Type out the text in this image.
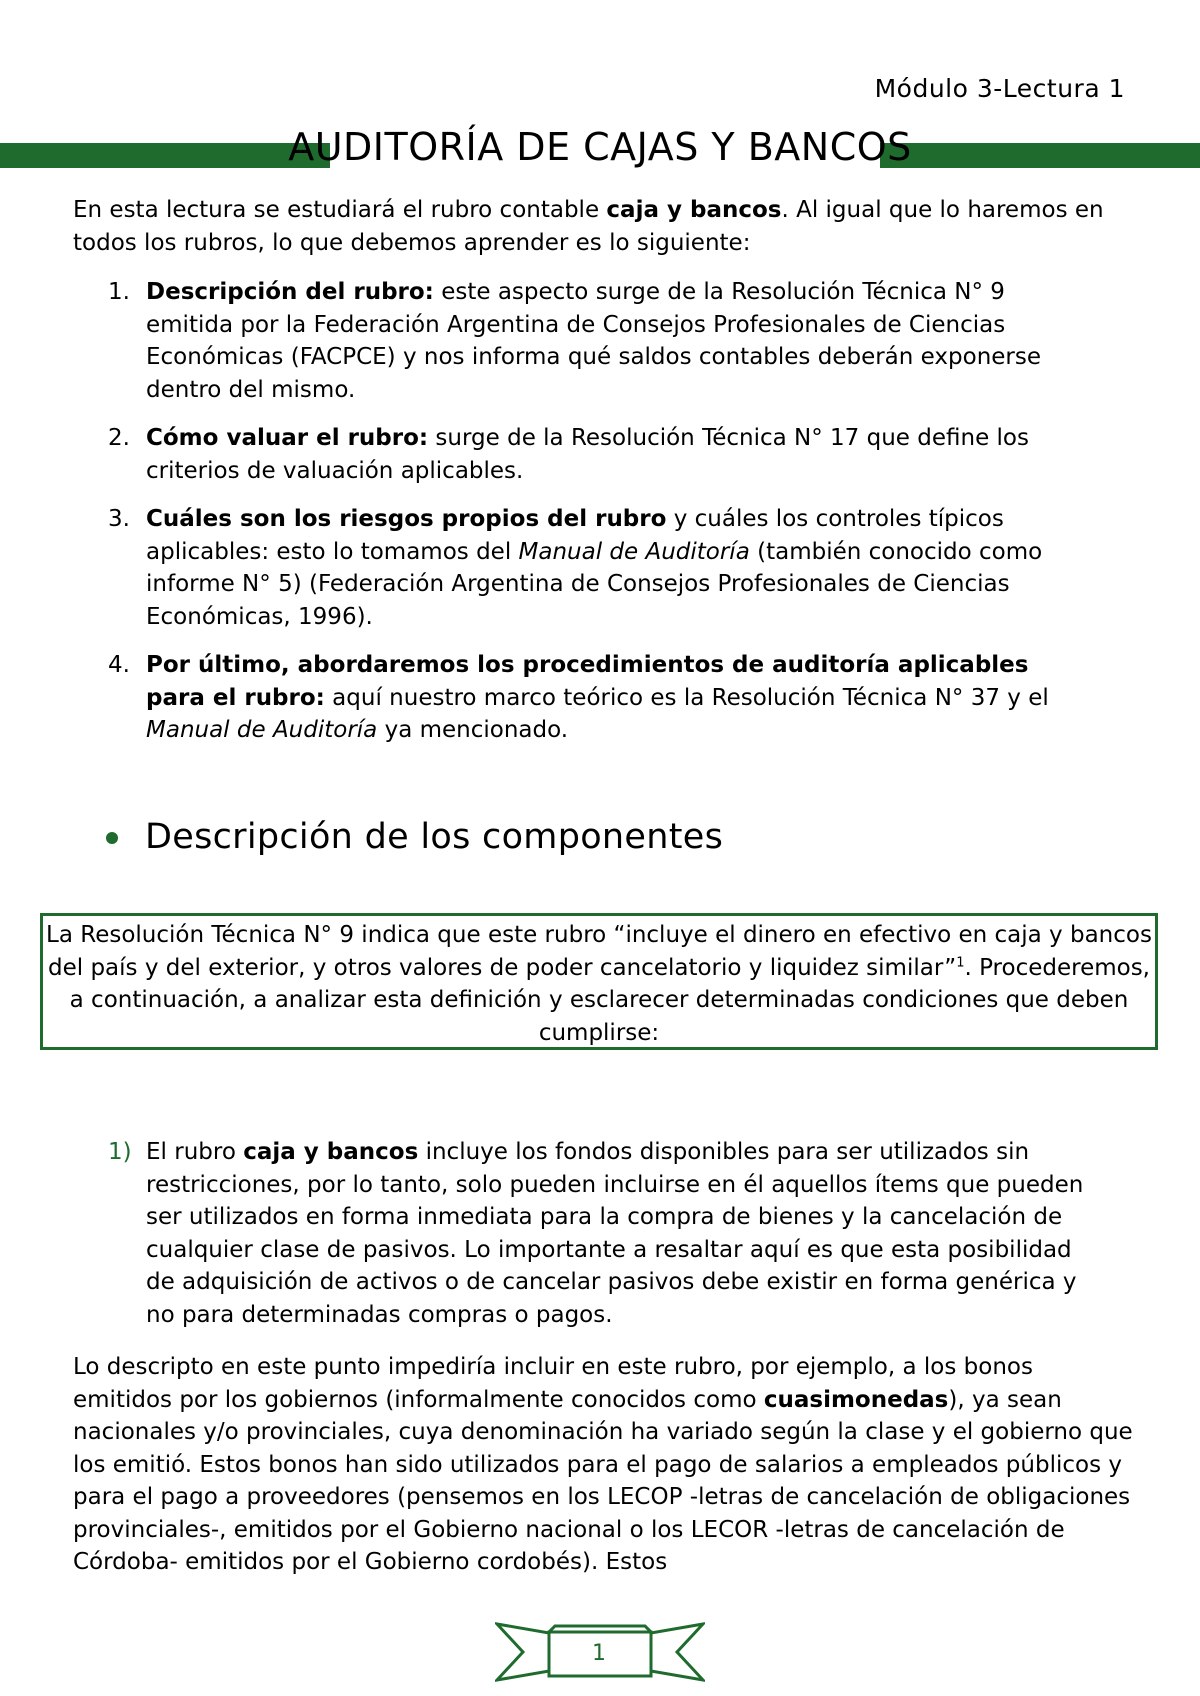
Módulo 3-Lectura 1
AUDITORÍA DE CAJAS Y BANCOS

En esta lectura se estudiará el rubro contable caja y bancos. Al igual que lo haremos en todos los rubros, lo que debemos aprender es lo siguiente:

1. Descripción del rubro: este aspecto surge de la Resolución Técnica N° 9 emitida por la Federación Argentina de Consejos Profesionales de Ciencias Económicas (FACPCE) y nos informa qué saldos contables deberán exponerse dentro del mismo.
2. Cómo valuar el rubro: surge de la Resolución Técnica N° 17 que define los criterios de valuación aplicables.
3. Cuáles son los riesgos propios del rubro y cuáles los controles típicos aplicables: esto lo tomamos del Manual de Auditoría (también conocido como informe N° 5) (Federación Argentina de Consejos Profesionales de Ciencias Económicas, 1996).
4. Por último, abordaremos los procedimientos de auditoría aplicables para el rubro: aquí nuestro marco teórico es la Resolución Técnica N° 37 y el Manual de Auditoría ya mencionado.
Descripción de los componentes
La Resolución Técnica N° 9 indica que este rubro “incluye el dinero en efectivo en caja y bancos del país y del exterior, y otros valores de poder cancelatorio y liquidez similar”$^1$. Procederemos, a continuación, a analizar esta definición y esclarecer determinadas condiciones que deben cumplirse:
1) El rubro caja y bancos incluye los fondos disponibles para ser utilizados sin restricciones, por lo tanto, solo pueden incluirse en él aquellos ítems que pueden ser utilizados en forma inmediata para la compra de bienes y la cancelación de cualquier clase de pasivos. Lo importante a resaltar aquí es que esta posibilidad de adquisición de activos o de cancelar pasivos debe existir en forma genérica y no para determinadas compras o pagos.

Lo descripto en este punto impediría incluir en este rubro, por ejemplo, a los bonos emitidos por los gobiernos (informalmente conocidos como cuasimonedas), ya sean nacionales y/o provinciales, cuya denominación ha variado según la clase y el gobierno que los emitió. Estos bonos han sido utilizados para el pago de salarios a empleados públicos y para el pago a proveedores (pensemos en los LECOP -letras de cancelación de obligaciones provinciales-, emitidos por el Gobierno nacional o los LECOR -letras de cancelación de Córdoba- emitidos por el Gobierno cordobés). Estos

1
